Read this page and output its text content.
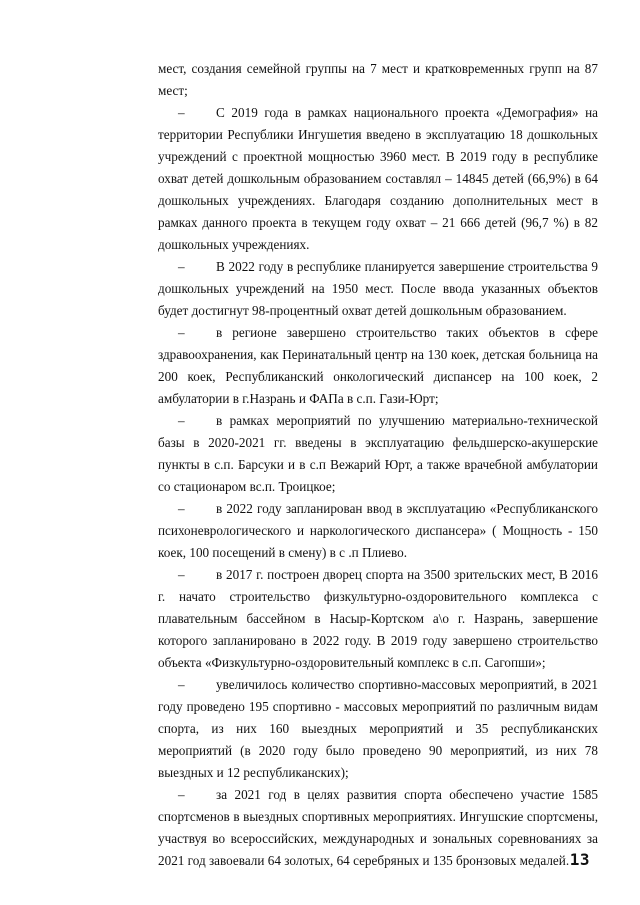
мест, создания семейной группы на 7 мест и кратковременных групп на 87 мест;

– С 2019 года в рамках национального проекта «Демография» на территории Республики Ингушетия введено в эксплуатацию 18 дошкольных учреждений с проектной мощностью 3960 мест. В 2019 году в республике охват детей дошкольным образованием составлял – 14845 детей (66,9%) в 64 дошкольных учреждениях. Благодаря созданию дополнительных мест в рамках данного проекта в текущем году охват – 21 666 детей (96,7 %) в 82 дошкольных учреждениях.

– В 2022 году в республике планируется завершение строительства 9 дошкольных учреждений на 1950 мест. После ввода указанных объектов будет достигнут 98-процентный охват детей дошкольным образованием.

– в регионе завершено строительство таких объектов в сфере здравоохранения, как Перинатальный центр на 130 коек, детская больница на 200 коек, Республиканский онкологический диспансер на 100 коек, 2 амбулатории в г.Назрань и ФАПа в с.п. Гази-Юрт;

– в рамках мероприятий по улучшению материально-технической базы в 2020-2021 гг. введены в эксплуатацию фельдшерско-акушерские пункты в с.п. Барсуки и в с.п Вежарий Юрт, а также врачебной амбулатории со стационаром вс.п. Троицкое;

– в 2022 году запланирован ввод в эксплуатацию «Республиканского психоневрологического и наркологического диспансера» ( Мощность - 150 коек, 100 посещений в смену) в с .п Плиево.

– в 2017 г. построен дворец спорта на 3500 зрительских мест, В 2016 г. начато строительство физкультурно-оздоровительного комплекса с плавательным бассейном в Насыр-Кортском а\о г. Назрань, завершение которого запланировано в 2022 году. В 2019 году завершено строительство объекта «Физкультурно-оздоровительный комплекс в с.п. Сагопши»;

– увеличилось количество спортивно-массовых мероприятий, в 2021 году проведено 195 спортивно - массовых мероприятий по различным видам спорта, из них 160 выездных мероприятий и 35 республиканских мероприятий (в 2020 году было проведено 90 мероприятий, из них 78 выездных и 12 республиканских);

– за 2021 год в целях развития спорта обеспечено участие 1585 спортсменов в выездных спортивных мероприятиях. Ингушские спортсмены, участвуя во всероссийских, международных и зональных соревнованиях за 2021 год завоевали 64 золотых, 64 серебряных и 135 бронзовых медалей. 13
